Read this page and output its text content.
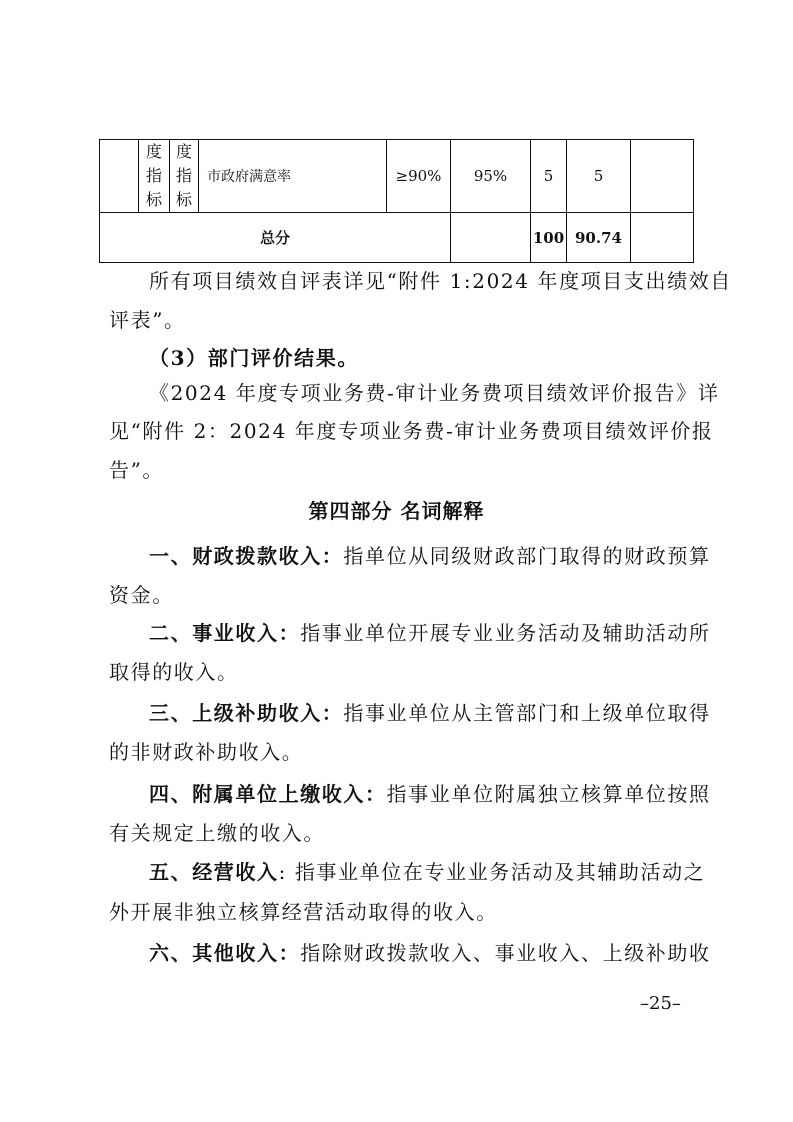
	度指标	度指标	市政府满意率	≥90%	95%	5	5	
总分						100	90.74	
所有项目绩效自评表详见“附件 1:2024 年度项目支出绩效自
评表”。
（3）部门评价结果。
《2024 年度专项业务费-审计业务费项目绩效评价报告》详
见“附件 2：2024 年度专项业务费-审计业务费项目绩效评价报
告”。
第四部分 名词解释
一、财政拨款收入：指单位从同级财政部门取得的财政预算
资金。
二、事业收入：指事业单位开展专业业务活动及辅助活动所
取得的收入。
三、上级补助收入：指事业单位从主管部门和上级单位取得
的非财政补助收入。
四、附属单位上缴收入：指事业单位附属独立核算单位按照
有关规定上缴的收入。
五、经营收入: 指事业单位在专业业务活动及其辅助活动之
外开展非独立核算经营活动取得的收入。
六、其他收入：指除财政拨款收入、事业收入、上级补助收
–25–
